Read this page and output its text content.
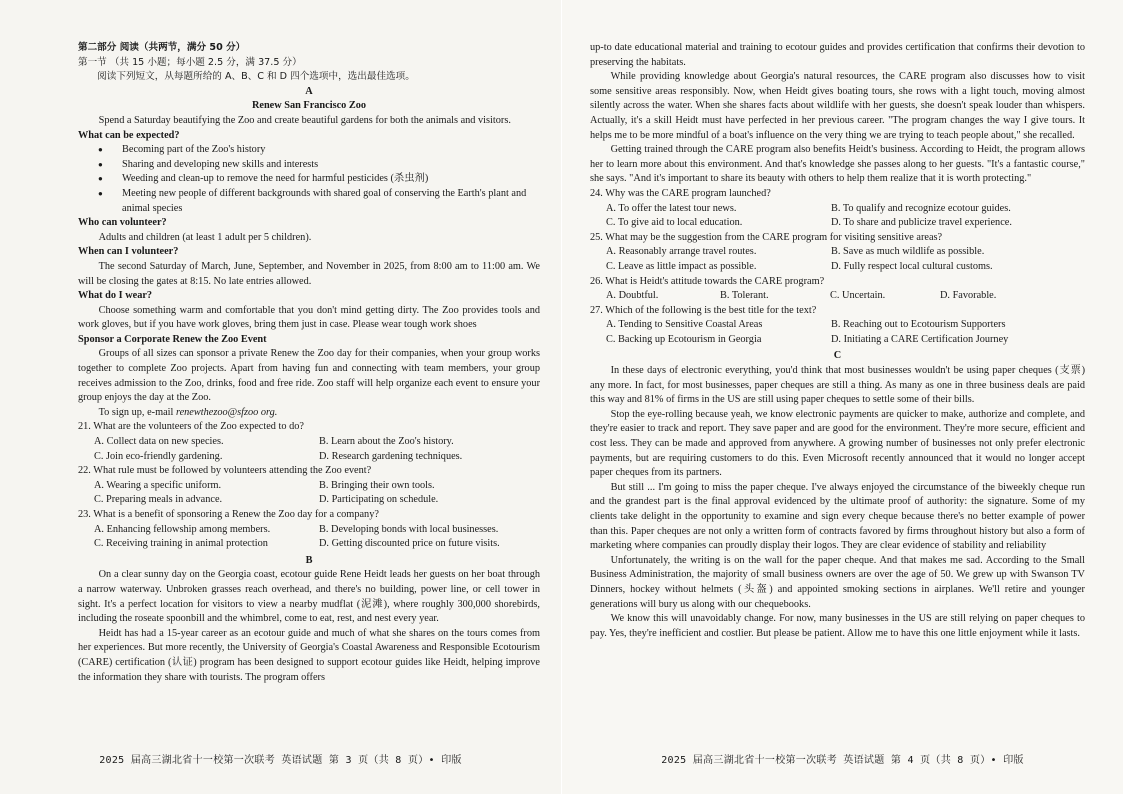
第二部分 阅读（共两节，满分 50 分）

第一节 （共 15 小题；每小题 2.5 分，满 37.5 分）

阅读下列短文，从每题所给的 A、B、C 和 D 四个选项中，选出最佳选项。

A

Renew San Francisco Zoo

Spend a Saturday beautifying the Zoo and create beautiful gardens for both the animals and visitors.

What can be expected?

● Becoming part of the Zoo's history
● Sharing and developing new skills and interests
● Weeding and clean-up to remove the need for harmful pesticides (杀虫剂)
● Meeting new people of different backgrounds with shared goal of conserving the Earth's plant and animal species

Who can volunteer?

Adults and children (at least 1 adult per 5 children).

When can I volunteer?

The second Saturday of March, June, September, and November in 2025, from 8:00 am to 11:00 am. We will be closing the gates at 8:15. No late entries allowed.

What do I wear?

Choose something warm and comfortable that you don't mind getting dirty. The Zoo provides tools and work gloves, but if you have work gloves, bring them just in case. Please wear tough work shoes

Sponsor a Corporate Renew the Zoo Event

Groups of all sizes can sponsor a private Renew the Zoo day for their companies, when your group works together to complete Zoo projects. Apart from having fun and connecting with team members, your group receives admission to the Zoo, drinks, food and free ride. Zoo staff will help organize each event to ensure your group enjoys the day at the Zoo.

To sign up, e-mail renewthezoo@sfzoo org.

21. What are the volunteers of the Zoo expected to do?

A. Collect data on new species.	B. Learn about the Zoo's history.
C. Join eco-friendly gardening.	D. Research gardening techniques.

22. What rule must be followed by volunteers attending the Zoo event?

A. Wearing a specific uniform.	B. Bringing their own tools.
C. Preparing meals in advance.	D. Participating on schedule.

23. What is a benefit of sponsoring a Renew the Zoo day for a company?

A. Enhancing fellowship among members.	B. Developing bonds with local businesses.
C. Receiving training in animal protection	D. Getting discounted price on future visits.

B

On a clear sunny day on the Georgia coast, ecotour guide Rene Heidt leads her guests on her boat through a narrow waterway. Unbroken grasses reach overhead, and there's no building, power line, or cell tower in sight. It's a perfect location for visitors to view a nearby mudflat (泥滩), where roughly 300,000 shorebirds, including the roseate spoonbill and the whimbrel, come to eat, rest, and nest every year.

Heidt has had a 15-year career as an ecotour guide and much of what she shares on the tours comes from her experiences. But more recently, the University of Georgia's Coastal Awareness and Responsible Ecotourism (CARE) certification (认证) program has been designed to support ecotour guides like Heidt, helping improve the information they share with tourists. The program offers

2025 届高三湖北省十一校第一次联考 英语试题 第 3 页（共 8 页）• 印版

up-to date educational material and training to ecotour guides and provides certification that confirms their devotion to preserving the habitats.

While providing knowledge about Georgia's natural resources, the CARE program also discusses how to visit some sensitive areas responsibly. Now, when Heidt gives boating tours, she rows with a light touch, moving almost silently across the water. When she shares facts about wildlife with her guests, she doesn't speak louder than whispers. Actually, it's a skill Heidt must have perfected in her previous career. "The program changes the way I give tours. It helps me to be more mindful of a boat's influence on the very thing we are trying to teach people about," she recalled.

Getting trained through the CARE program also benefits Heidt's business. According to Heidt, the program allows her to learn more about this environment. And that's knowledge she passes along to her guests. "It's a fantastic course," she says. "And it's important to share its beauty with others to help them realize that it is worth protecting."

24. Why was the CARE program launched?

A. To offer the latest tour news.	B. To qualify and recognize ecotour guides.
C. To give aid to local education.	D. To share and publicize travel experience.

25. What may be the suggestion from the CARE program for visiting sensitive areas?

A. Reasonably arrange travel routes.	B. Save as much wildlife as possible.
C. Leave as little impact as possible.	D. Fully respect local cultural customs.

26. What is Heidt's attitude towards the CARE program?

A. Doubtful.	B. Tolerant.	C. Uncertain.	D. Favorable.

27. Which of the following is the best title for the text?

A. Tending to Sensitive Coastal Areas	B. Reaching out to Ecotourism Supporters
C. Backing up Ecotourism in Georgia	D. Initiating a CARE Certification Journey

C

In these days of electronic everything, you'd think that most businesses wouldn't be using paper cheques (支票) any more. In fact, for most businesses, paper cheques are still a thing. As many as one in three business deals are paid this way and 81% of firms in the US are still using paper cheques to settle some of their bills.

Stop the eye-rolling because yeah, we know electronic payments are quicker to make, authorize and complete, and they're easier to track and report. They save paper and are good for the environment. They're more secure, efficient and cost less. They can be made and approved from anywhere. A growing number of businesses not only prefer electronic payments, but are requiring customers to do this. Even Microsoft recently announced that it would no longer accept paper cheques from its partners.

But still ... I'm going to miss the paper cheque. I've always enjoyed the circumstance of the biweekly cheque run and the grandest part is the final approval evidenced by the ultimate proof of authority: the signature. Some of my clients take delight in the opportunity to examine and sign every cheque because there's no better example of power than this. Paper cheques are not only a written form of contracts favored by firms throughout history but also a form of marketing where companies can proudly display their logos. They are clear evidence of stability and reliability

Unfortunately, the writing is on the wall for the paper cheque. And that makes me sad. According to the Small Business Administration, the majority of small business owners are over the age of 50. We grew up with Swanson TV Dinners, hockey without helmets (头盔) and appointed smoking sections in airplanes. We'll retire and younger generations will bury us along with our chequebooks.

We know this will unavoidably change. For now, many businesses in the US are still relying on paper cheques to pay. Yes, they're inefficient and costlier. But please be patient. Allow me to have this one little enjoyment while it lasts.

2025 届高三湖北省十一校第一次联考 英语试题 第 4 页（共 8 页）• 印版
